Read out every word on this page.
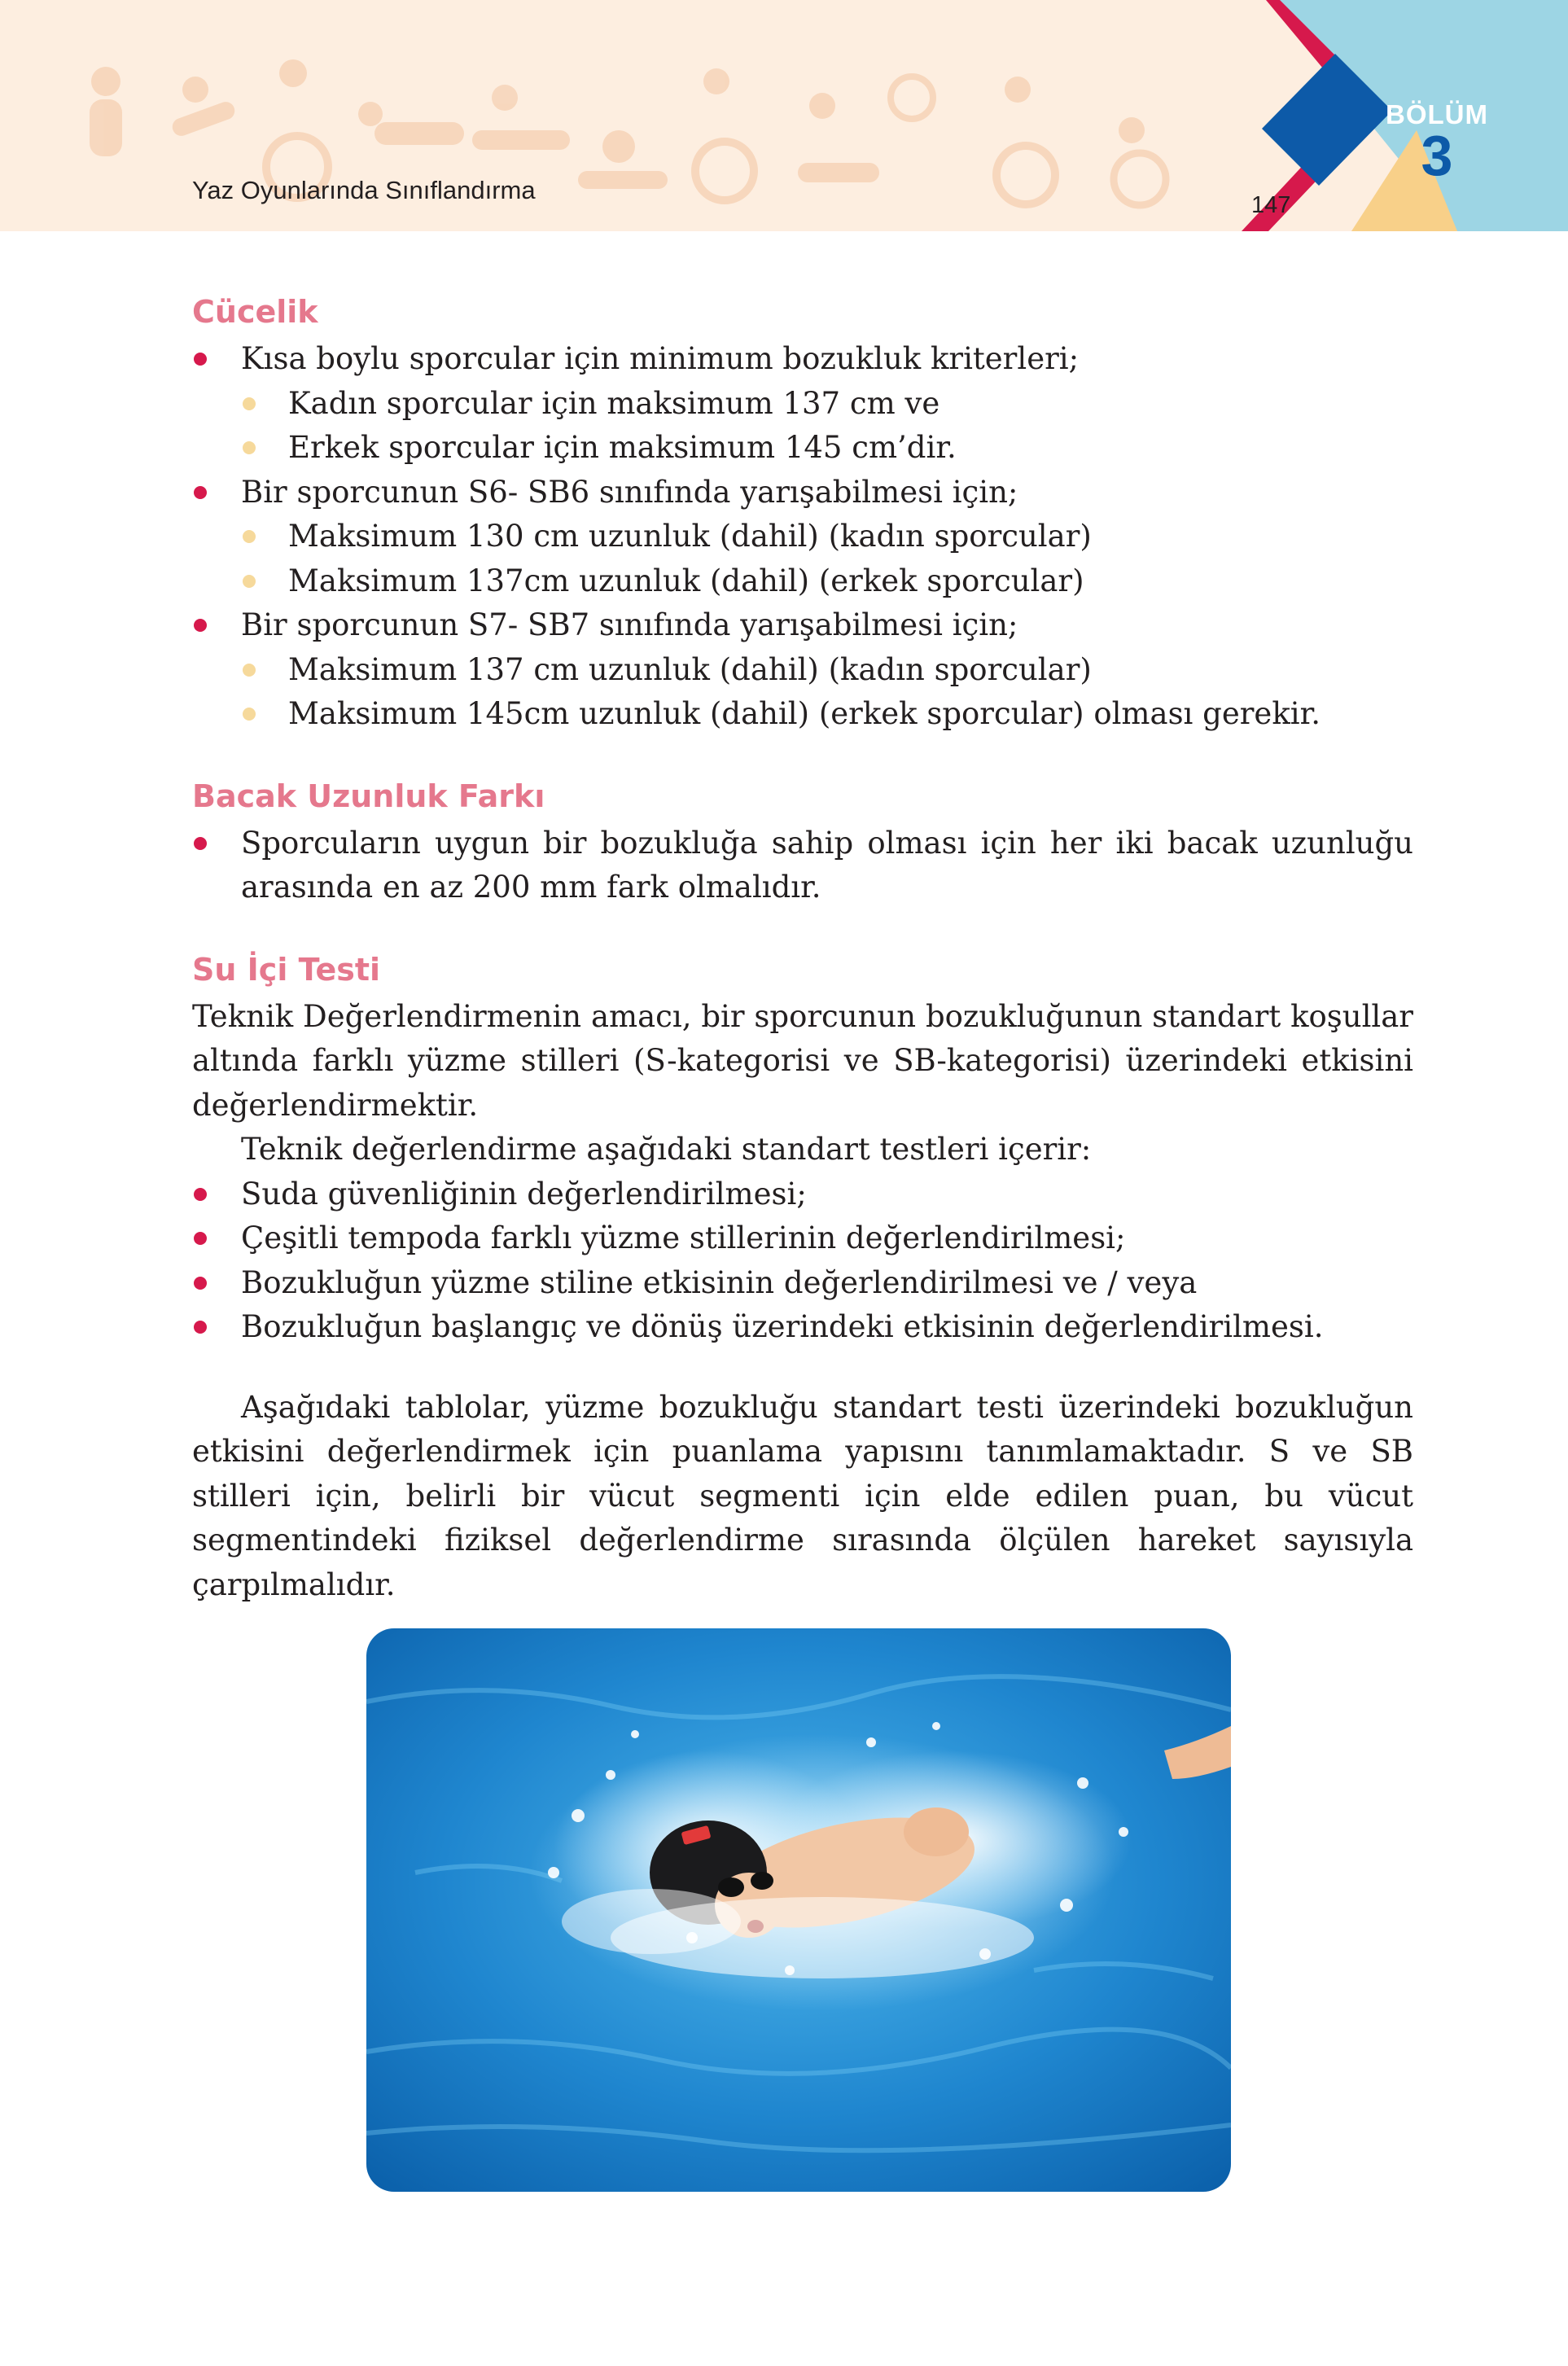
Yaz Oyunlarında Sınıflandırma
147
BÖLÜM
3
Cücelik
Kısa boylu sporcular için minimum bozukluk kriterleri;
Kadın sporcular için maksimum 137 cm ve
Erkek sporcular için maksimum 145 cm’dir.
Bir sporcunun S6- SB6 sınıfında yarışabilmesi için;
Maksimum 130 cm uzunluk (dahil) (kadın sporcular)
Maksimum 137cm uzunluk (dahil) (erkek sporcular)
Bir sporcunun S7- SB7 sınıfında yarışabilmesi için;
Maksimum 137 cm uzunluk (dahil) (kadın sporcular)
Maksimum 145cm uzunluk (dahil) (erkek sporcular) olması gerekir.
Bacak Uzunluk Farkı
Sporcuların uygun bir bozukluğa sahip olması için her iki bacak uzunluğu arasında en az 200 mm fark olmalıdır.
Su İçi Testi

Teknik Değerlendirmenin amacı, bir sporcunun bozukluğunun standart koşullar altında farklı yüzme stilleri (S-kategorisi ve SB-kategorisi) üzerindeki etkisini değerlendirmektir.

Teknik değerlendirme aşağıdaki standart testleri içerir:

Suda güvenliğinin değerlendirilmesi;
Çeşitli tempoda farklı yüzme stillerinin değerlendirilmesi;
Bozukluğun yüzme stiline etkisinin değerlendirilmesi ve / veya
Bozukluğun başlangıç ve dönüş üzerindeki etkisinin değerlendirilmesi.

Aşağıdaki tablolar, yüzme bozukluğu standart testi üzerindeki bozukluğun etkisini değerlendirmek için puanlama yapısını tanımlamaktadır. S ve SB stilleri için, belirli bir vücut segmenti için elde edilen puan, bu vücut segmentindeki fiziksel değerlendirme sırasında ölçülen hareket sayısıyla çarpılmalıdır.
